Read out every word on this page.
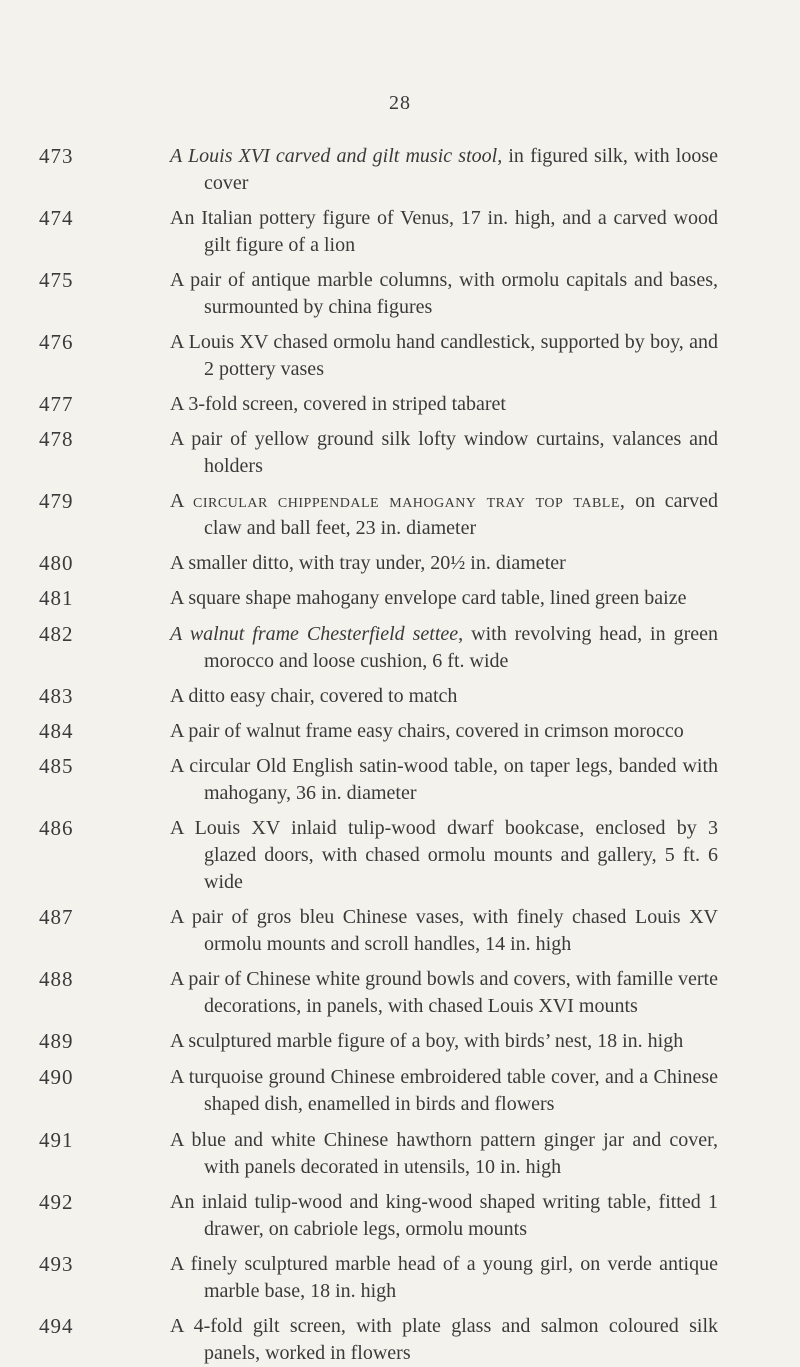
28
473	A Louis XVI carved and gilt music stool, in figured silk, with loose cover
474	An Italian pottery figure of Venus, 17 in. high, and a carved wood gilt figure of a lion
475	A pair of antique marble columns, with ormolu capitals and bases, surmounted by china figures
476	A Louis XV chased ormolu hand candlestick, supported by boy, and 2 pottery vases
477	A 3-fold screen, covered in striped tabaret
478	A pair of yellow ground silk lofty window curtains, valances and holders
479	A circular chippendale mahogany tray top table, on carved claw and ball feet, 23 in. diameter
480	A smaller ditto, with tray under, 20½ in. diameter
481	A square shape mahogany envelope card table, lined green baize
482	A walnut frame Chesterfield settee, with revolving head, in green morocco and loose cushion, 6 ft. wide
483	A ditto easy chair, covered to match
484	A pair of walnut frame easy chairs, covered in crimson morocco
485	A circular Old English satin-wood table, on taper legs, banded with mahogany, 36 in. diameter
486	A Louis XV inlaid tulip-wood dwarf bookcase, enclosed by 3 glazed doors, with chased ormolu mounts and gallery, 5 ft. 6 wide
487	A pair of gros bleu Chinese vases, with finely chased Louis XV ormolu mounts and scroll handles, 14 in. high
488	A pair of Chinese white ground bowls and covers, with famille verte decorations, in panels, with chased Louis XVI mounts
489	A sculptured marble figure of a boy, with birds’ nest, 18 in. high
490	A turquoise ground Chinese embroidered table cover, and a Chinese shaped dish, enamelled in birds and flowers
491	A blue and white Chinese hawthorn pattern ginger jar and cover, with panels decorated in utensils, 10 in. high
492	An inlaid tulip-wood and king-wood shaped writing table, fitted 1 drawer, on cabriole legs, ormolu mounts
493	A finely sculptured marble head of a young girl, on verde antique marble base, 18 in. high
494	A 4-fold gilt screen, with plate glass and salmon coloured silk panels, worked in flowers
